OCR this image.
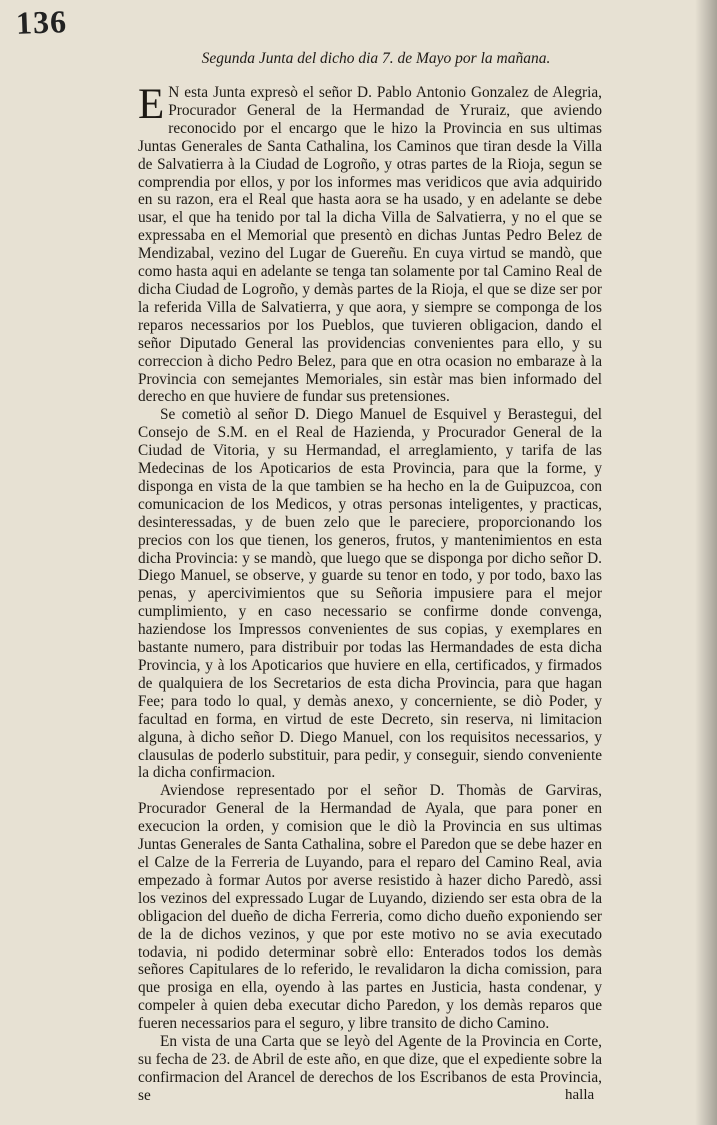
136
Segunda Junta del dicho dia 7. de Mayo por la mañana.

E N esta Junta expresò el señor D. Pablo Antonio Gonzalez de Alegria, Procurador General de la Hermandad de Yruraiz, que aviendo reconocido por el encargo que le hizo la Provincia en sus ultimas Juntas Generales de Santa Cathalina, los Caminos que tiran desde la Villa de Salvatierra à la Ciudad de Logroño, y otras partes de la Rioja, segun se comprendia por ellos, y por los informes mas veridicos que avia adquirido en su razon, era el Real que hasta aora se ha usado, y en adelante se debe usar, el que ha tenido por tal la dicha Villa de Salvatierra, y no el que se expressaba en el Memorial que presentò en dichas Juntas Pedro Belez de Mendizabal, vezino del Lugar de Guereñu. En cuya virtud se mandò, que como hasta aqui en adelante se tenga tan solamente por tal Camino Real de dicha Ciudad de Logroño, y demàs partes de la Rioja, el que se dize ser por la referida Villa de Salvatierra, y que aora, y siempre se componga de los reparos necessarios por los Pueblos, que tuvieren obligacion, dando el señor Diputado General las providencias convenientes para ello, y su correccion à dicho Pedro Belez, para que en otra ocasion no embaraze à la Provincia con semejantes Memoriales, sin estàr mas bien informado del derecho en que huviere de fundar sus pretensiones.

Se cometiò al señor D. Diego Manuel de Esquivel y Berastegui, del Consejo de S.M. en el Real de Hazienda, y Procurador General de la Ciudad de Vitoria, y su Hermandad, el arreglamiento, y tarifa de las Medecinas de los Apoticarios de esta Provincia, para que la forme, y disponga en vista de la que tambien se ha hecho en la de Guipuzcoa, con comunicacion de los Medicos, y otras personas inteligentes, y practicas, desinteressadas, y de buen zelo que le pareciere, proporcionando los precios con los que tienen, los generos, frutos, y mantenimientos en esta dicha Provincia: y se mandò, que luego que se disponga por dicho señor D. Diego Manuel, se observe, y guarde su tenor en todo, y por todo, baxo las penas, y apercivimientos que su Señoria impusiere para el mejor cumplimiento, y en caso necessario se confirme donde convenga, haziendose los Impressos convenientes de sus copias, y exemplares en bastante numero, para distribuir por todas las Hermandades de esta dicha Provincia, y à los Apoticarios que huviere en ella, certificados, y firmados de qualquiera de los Secretarios de esta dicha Provincia, para que hagan Fee; para todo lo qual, y demàs anexo, y concerniente, se diò Poder, y facultad en forma, en virtud de este Decreto, sin reserva, ni limitacion alguna, à dicho señor D. Diego Manuel, con los requisitos necessarios, y clausulas de poderlo substituir, para pedir, y conseguir, siendo conveniente la dicha confirmacion.

Aviendose representado por el señor D. Thomàs de Garviras, Procurador General de la Hermandad de Ayala, que para poner en execucion la orden, y comision que le diò la Provincia en sus ultimas Juntas Generales de Santa Cathalina, sobre el Paredon que se debe hazer en el Calze de la Ferreria de Luyando, para el reparo del Camino Real, avia empezado à formar Autos por averse resistido à hazer dicho Paredò, assi los vezinos del expressado Lugar de Luyando, diziendo ser esta obra de la obligacion del dueño de dicha Ferreria, como dicho dueño exponiendo ser de la de dichos vezinos, y que por este motivo no se avia executado todavia, ni podido determinar sobrè ello: Enterados todos los demàs señores Capitulares de lo referido, le revalidaron la dicha comission, para que prosiga en ella, oyendo à las partes en Justicia, hasta condenar, y compeler à quien deba executar dicho Paredon, y los demàs reparos que fueren necessarios para el seguro, y libre transito de dicho Camino.

En vista de una Carta que se leyò del Agente de la Provincia en Corte, su fecha de 23. de Abril de este año, en que dize, que el expediente sobre la confirmacion del Arancel de derechos de los Escribanos de esta Provincia, se	halla
